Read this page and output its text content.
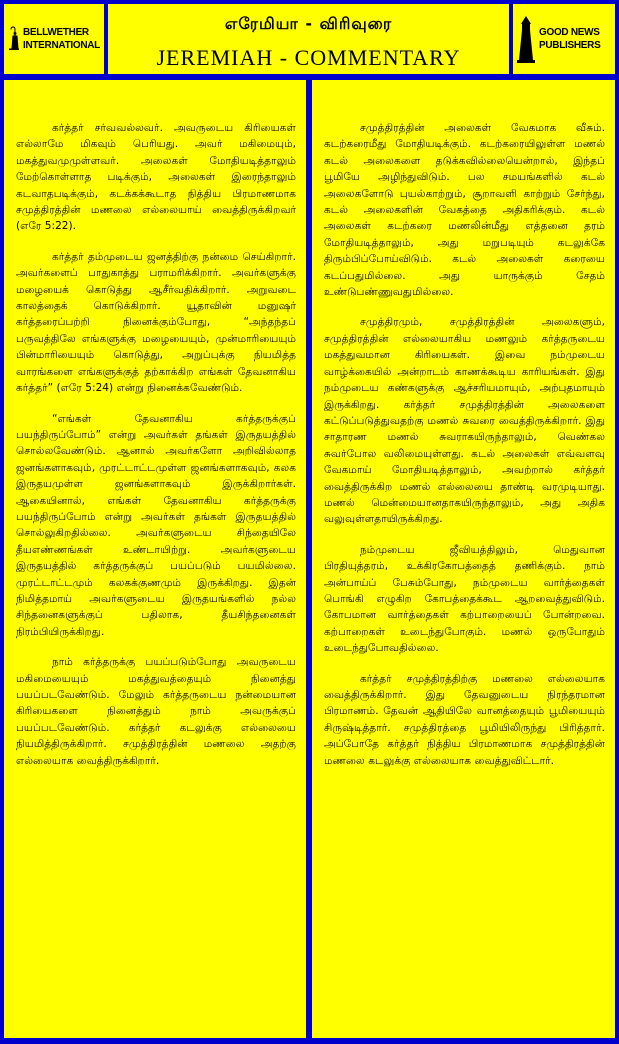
BELLWETHER
INTERNATIONAL
எரேமியா - விரிவுரை
JEREMIAH - COMMENTARY
GOOD NEWS
PUBLISHERS

கர்த்தர் சர்வவல்லவர். அவருடைய கிரியைகள் எல்லாமே மிகவும் பெரியது. அவர் மகிமையும், மகத்துவமுமுள்ளவர். அலைகள் மோதியடித்தாலும் மேற்கொள்ளாத படிக்கும், அலைகள் இரைந்தாலும் கடவாதபடிக்கும், கடக்கக்கூடாத நித்திய பிரமாணமாக சமுத்திரத்தின் மணலை எல்லையாய் வைத்திருக்கிறவர் (எரே 5:22).

கர்த்தர் தம்முடைய ஜனத்திற்கு நன்மை செய்கிறார். அவர்களைப் பாதுகாத்து பராமரிக்கிறார். அவர்களுக்கு மழையைக் கொடுத்து ஆசீர்வதிக்கிறார். அறுவடை காலத்தைக் கொடுக்கிறார். யூதாவின் மனுஷர் கர்த்தரைப்பற்றி நினைக்கும்போது, “அந்தந்தப் பருவத்திலே எங்களுக்கு மழையையும், முன்மாரியையும் பின்மாரியையும் கொடுத்து, அறுப்புக்கு நியமித்த வாரங்களை எங்களுக்குத் தற்காக்கிற எங்கள் தேவனாகிய கர்த்தர்” (எரே 5:24) என்று நினைக்கவேண்டும்.

“எங்கள் தேவனாகிய கர்த்தருக்குப் பயந்திருப்போம்” என்று அவர்கள் தங்கள் இருதயத்தில் சொல்லவேண்டும். ஆனால் அவர்களோ அறிவில்லாத ஜனங்களாகவும், முரட்டாட்டமுள்ள ஜனங்களாகவும், கலக இருதயமுள்ள ஜனங்களாகவும் இருக்கிறார்கள். ஆகையினால், எங்கள் தேவனாகிய கர்த்தருக்கு பயந்திருப்போம் என்று அவர்கள் தங்கள் இருதயத்தில் சொல்லுகிறதில்லை. அவர்களுடைய சிந்தையிலே தீயஎண்ணங்கள் உண்டாயிற்று. அவர்களுடைய இருதயத்தில் கர்த்தருக்குப் பயப்படும் பயமில்லை. முரட்டாட்டமும் கலகக்குணமும் இருக்கிறது. இதன் நிமித்தமாய் அவர்களுடைய இருதயங்களில் நல்ல சிந்தனைகளுக்குப் பதிலாக, தீயசிந்தனைகள் நிரம்பியிருக்கிறது.

நாம் கர்த்தருக்கு பயப்படும்போது அவருடைய மகிமையையும் மகத்துவத்தையும் நினைத்து பயப்படவேண்டும். மேலும் கர்த்தருடைய நன்மையான கிரியைகளை நினைத்தும் நாம் அவருக்குப் பயப்படவேண்டும். கர்த்தர் கடலுக்கு எல்லையை நியமித்திருக்கிறார். சமுத்திரத்தின் மணலை அதற்கு எல்லையாக வைத்திருக்கிறார்.

சமுத்திரத்தின் அலைகள் வேகமாக வீசும். கடற்கரைமீது மோதியடிக்கும். கடற்கரையிலுள்ள மணல் கடல் அலைகளை தடுக்கவில்லையென்றால், இந்தப் பூமியே அழிந்துவிடும். பல சமயங்களில் கடல் அலைகளோடு புயல்காற்றும், சூறாவளி காற்றும் சேர்ந்து, கடல் அலைகளின் வேகத்தை அதிகரிக்கும். கடல் அலைகள் கடற்கரை மணலின்மீது எத்தனை தரம் மோதியடித்தாலும், அது மறுபடியும் கடலுக்கே திரும்பிப்போய்விடும். கடல் அலைகள் கரையை கடப்பதுமில்லை. அது யாருக்கும் சேதம் உண்டுபண்ணுவதுமில்லை.

சமுத்திரமும், சமுத்திரத்தின் அலைகளும், சமுத்திரத்தின் எல்லையாகிய மணலும் கர்த்தருடைய மகத்துவமான கிரியைகள். இவை நம்முடைய வாழ்க்கையில் அன்றாடம் காணக்கூடிய காரியங்கள். இது நம்முடைய கண்களுக்கு ஆச்சரியமாயும், அற்புதமாயும் இருக்கிறது. கர்த்தர் சமுத்திரத்தின் அலைகளை கட்டுப்படுத்துவதற்கு மணல் சுவரை வைத்திருக்கிறார். இது சாதாரண மணல் சுவராகயிருந்தாலும், வெண்கல சுவர்போல வலிமையுள்ளது. கடல் அலைகள் எவ்வளவு வேகமாய் மோதியடித்தாலும், அவற்றால் கர்த்தர் வைத்திருக்கிற மணல் எல்லையை தாண்டி வரமுடியாது. மணல் மென்மையானதாகயிருந்தாலும், அது அதிக வலுவுள்ளதாயிருக்கிறது.

நம்முடைய ஜீவியத்திலும், மெதுவான பிரதியுத்தரம், உக்கிரகோபத்தைத் தணிக்கும். நாம் அன்பாய்ப் பேசும்போது, நம்முடைய வார்த்தைகள் பொங்கி எழுகிற கோபத்தைக்கூட ஆறவைத்துவிடும். கோபமான வார்த்தைகள் கற்பாறையைப் போன்றவை. கற்பாறைகள் உடைந்துபோகும். மணல் ஒருபோதும் உடைந்துபோவதில்லை.

கர்த்தர் சமுத்திரத்திற்கு மணலை எல்லையாக வைத்திருக்கிறார். இது தேவனுடைய நிரந்தரமான பிரமாணம். தேவன் ஆதியிலே வானத்தையும் பூமியையும் சிருஷ்டித்தார். சமுத்திரத்தை பூமியிலிருந்து பிரித்தார். அப்போதே கர்த்தர் நித்திய பிரமாணமாக சமுத்திரத்தின் மணலை கடலுக்கு எல்லையாக வைத்துவிட்டார்.
